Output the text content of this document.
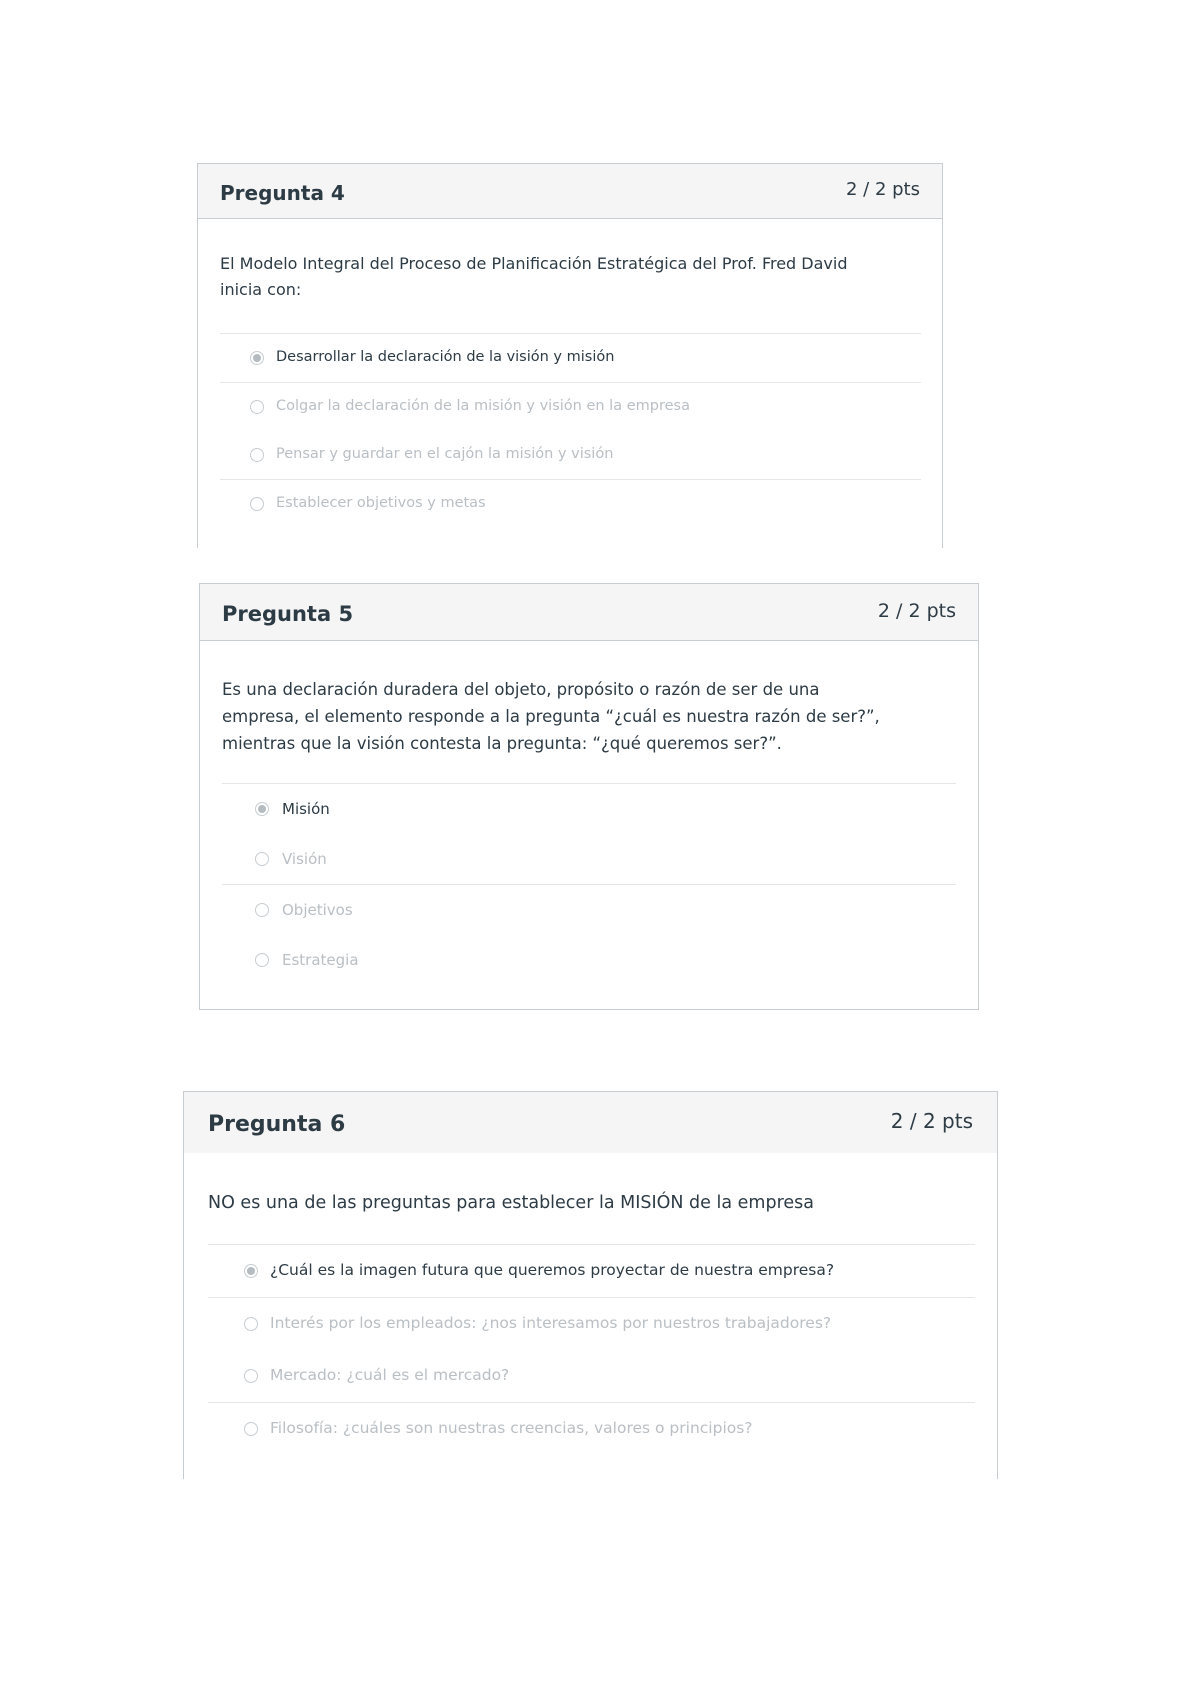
Pregunta 4	2 / 2 pts
El Modelo Integral del Proceso de Planificación Estratégica del Prof. Fred David
inicia con:
Desarrollar la declaración de la visión y misión
Colgar la declaración de la misión y visión en la empresa
Pensar y guardar en el cajón la misión y visión
Establecer objetivos y metas
Pregunta 5	2 / 2 pts
Es una declaración duradera del objeto, propósito o razón de ser de una
empresa, el elemento responde a la pregunta “¿cuál es nuestra razón de ser?”,
mientras que la visión contesta la pregunta: “¿qué queremos ser?”.
Misión
Visión
Objetivos
Estrategia
Pregunta 6	2 / 2 pts
NO es una de las preguntas para establecer la MISIÓN de la empresa
¿Cuál es la imagen futura que queremos proyectar de nuestra empresa?
Interés por los empleados: ¿nos interesamos por nuestros trabajadores?
Mercado: ¿cuál es el mercado?
Filosofía: ¿cuáles son nuestras creencias, valores o principios?
